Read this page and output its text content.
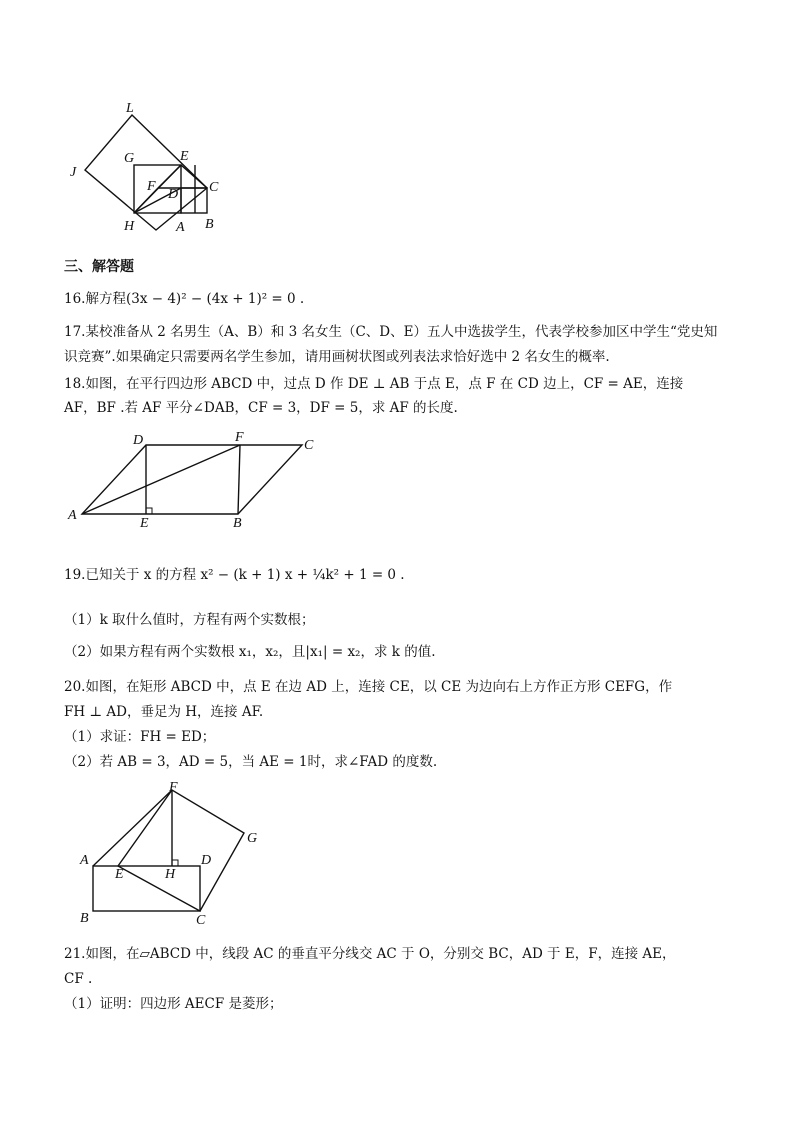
L
G	E
J
F
D C
H	A B
三、解答题
16.解方程(3x − 4)² − (4x + 1)² = 0 .
17.某校准备从 2 名男生（A、B）和 3 名女生（C、D、E）五人中选拔学生，代表学校参加区中学生“党史知
识竞赛”.如果确定只需要两名学生参加，请用画树状图或列表法求恰好选中 2 名女生的概率.
18.如图，在平行四边形 ABCD 中，过点 D 作 DE ⊥ AB 于点 E，点 F 在 CD 边上，CF = AE，连接
AF，BF .若 AF 平分∠DAB，CF = 3，DF = 5，求 AF 的长度.
D	F
C
A
E	B
19.已知关于 x 的方程 x² − (k + 1) x + ¼k² + 1 = 0 .
（1）k 取什么值时，方程有两个实数根；
（2）如果方程有两个实数根 x₁，x₂，且|x₁| = x₂，求 k 的值.
20.如图，在矩形 ABCD 中，点 E 在边 AD 上，连接 CE，以 CE 为边向右上方作正方形 CEFG，作
FH ⊥ AD，垂足为 H，连接 AF.
（1）求证：FH = ED；
（2）若 AB = 3，AD = 5，当 AE = 1时，求∠FAD 的度数.
F
G
A
E	H
D
B	C
21.如图，在▱ABCD 中，线段 AC 的垂直平分线交 AC 于 O，分别交 BC，AD 于 E，F，连接 AE，
CF .
（1）证明：四边形 AECF 是菱形；
